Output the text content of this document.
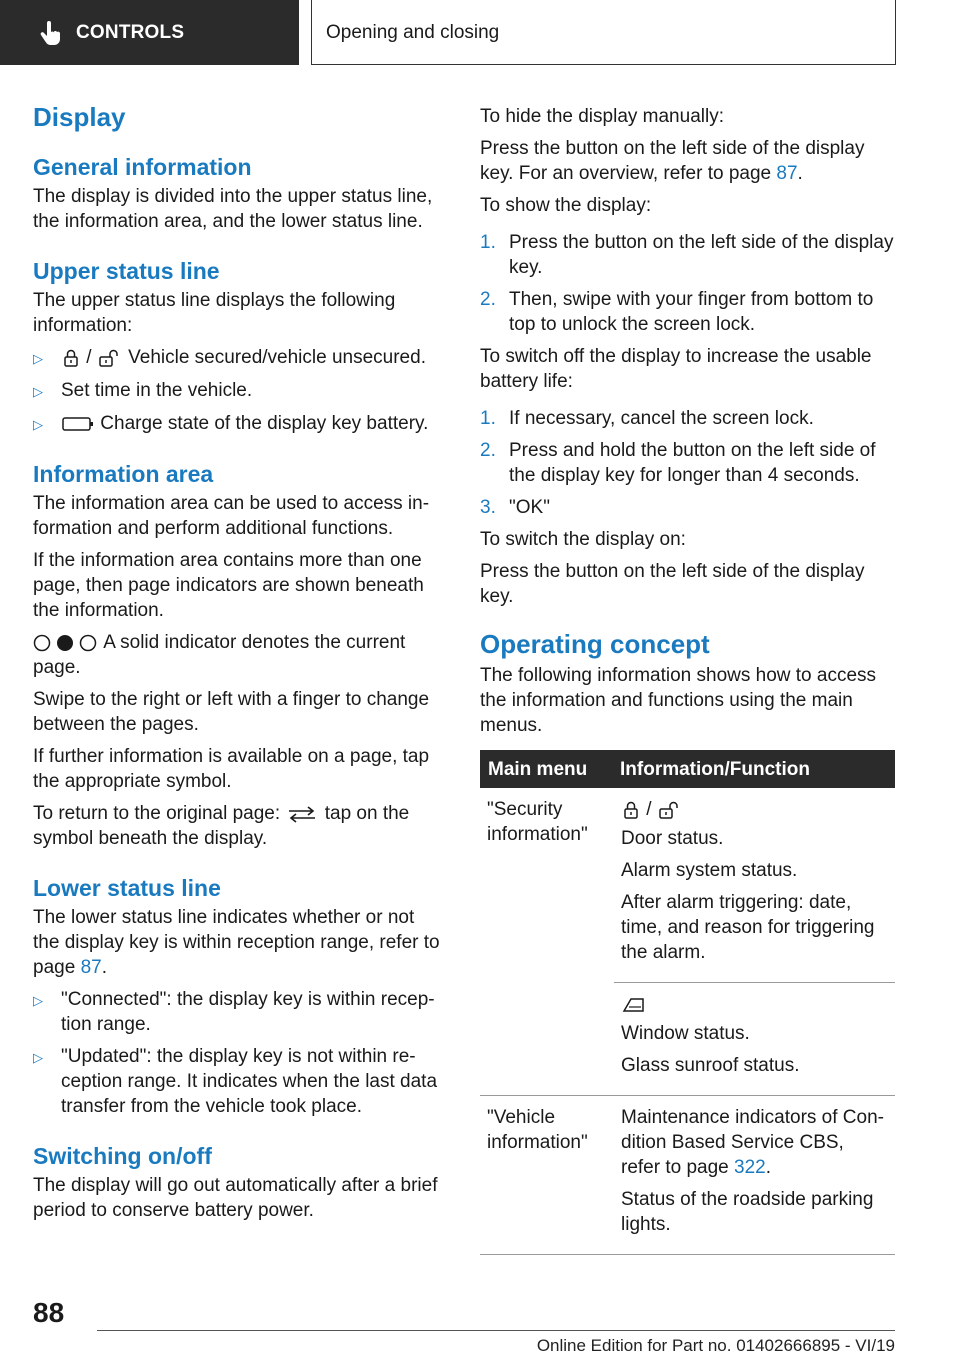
CONTROLS	Opening and closing
Display
General information

The display is divided into the upper status line, the information area, and the lower status line.

Upper status line

The upper status line displays the following information:

▷	/ Vehicle secured/vehicle unsecured.
▷ Set time in the vehicle.
▷	Charge state of the display key battery.
Information area

The information area can be used to access information and perform additional functions.

If the information area contains more than one page, then page indicators are shown beneath the information.

A solid indicator denotes the current page.

Swipe to the right or left with a finger to change between the pages.

If further information is available on a page, tap the appropriate symbol.

To return to the original page: tap on the symbol beneath the display.

Lower status line

The lower status line indicates whether or not the display key is within reception range, refer to page 87.

▷ "Connected": the display key is within reception range.
▷ "Updated": the display key is not within reception range. It indicates when the last data transfer from the vehicle took place.
Switching on/off

The display will go out automatically after a brief period to conserve battery power.

To hide the display manually:

Press the button on the left side of the display key. For an overview, refer to page 87.

To show the display:

1. Press the button on the left side of the display key.
2. Then, swipe with your finger from bottom to top to unlock the screen lock.

To switch off the display to increase the usable battery life:

1. If necessary, cancel the screen lock.
2. Press and hold the button on the left side of the display key for longer than 4 seconds.
3. "OK"

To switch the display on:

Press the button on the left side of the display key.

Operating concept

The following information shows how to access the information and functions using the main menus.

Main menu	Information/Function
"Security information"	/

Door status.

Alarm system status.

After alarm triggering: date, time, and reason for triggering the alarm.

	Window status.

Glass sunroof status.

"Vehicle information"	Maintenance indicators of Condition Based Service CBS, refer to page 322.

Status of the roadside parking lights.

88
Online Edition for Part no. 01402666895 - VI/19
